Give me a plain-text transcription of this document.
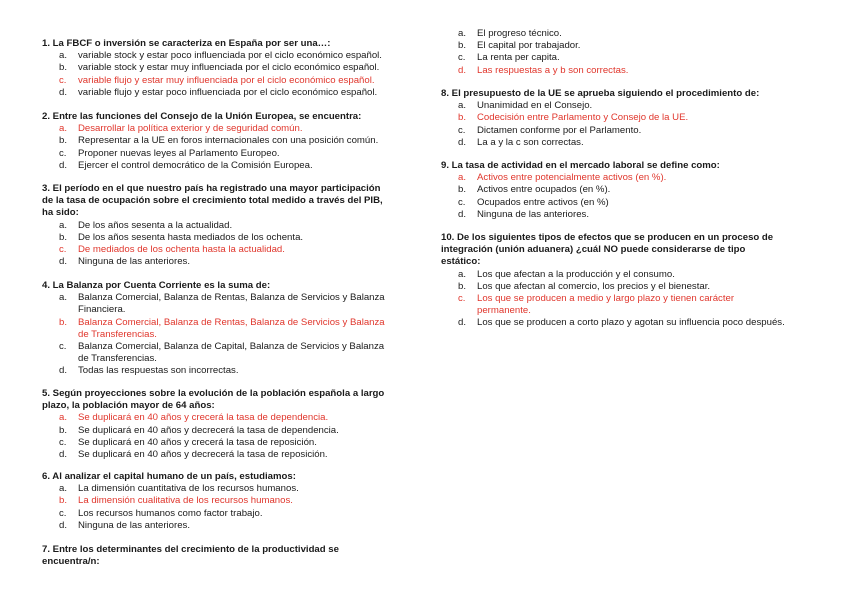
1. La FBCF o inversión se caracteriza en España por ser una…:

a. variable stock y estar poco influenciada por el ciclo económico español.
b. variable stock y estar muy influenciada por el ciclo económico español.
c. variable flujo y estar muy influenciada por el ciclo económico español.
d. variable flujo y estar poco influenciada por el ciclo económico español.

2. Entre las funciones del Consejo de la Unión Europea, se encuentra:

a. Desarrollar la política exterior y de seguridad común.
b. Representar a la UE en foros internacionales con una posición común.
c. Proponer nuevas leyes al Parlamento Europeo.
d. Ejercer el control democrático de la Comisión Europea.

3. El período en el que nuestro país ha registrado una mayor participación
de la tasa de ocupación sobre el crecimiento total medido a través del PIB,
ha sido:

a. De los años sesenta a la actualidad.
b. De los años sesenta hasta mediados de los ochenta.
c. De mediados de los ochenta hasta la actualidad.
d. Ninguna de las anteriores.

4. La Balanza por Cuenta Corriente es la suma de:

a. Balanza Comercial, Balanza de Rentas, Balanza de Servicios y Balanza
Financiera.
b. Balanza Comercial, Balanza de Rentas, Balanza de Servicios y Balanza
de Transferencias.
c. Balanza Comercial, Balanza de Capital, Balanza de Servicios y Balanza
de Transferencias.
d. Todas las respuestas son incorrectas.

5. Según proyecciones sobre la evolución de la población española a largo
plazo, la población mayor de 64 años:

a. Se duplicará en 40 años y crecerá la tasa de dependencia.
b. Se duplicará en 40 años y decrecerá la tasa de dependencia.
c. Se duplicará en 40 años y crecerá la tasa de reposición.
d. Se duplicará en 40 años y decrecerá la tasa de reposición.

6. Al analizar el capital humano de un país, estudiamos:

a. La dimensión cuantitativa de los recursos humanos.
b. La dimensión cualitativa de los recursos humanos.
c. Los recursos humanos como factor trabajo.
d. Ninguna de las anteriores.

7. Entre los determinantes del crecimiento de la productividad se
encuentra/n:

a. El progreso técnico.
b. El capital por trabajador.
c. La renta per capita.
d. Las respuestas a y b son correctas.

8. El presupuesto de la UE se aprueba siguiendo el procedimiento de:

a. Unanimidad en el Consejo.
b. Codecisión entre Parlamento y Consejo de la UE.
c. Dictamen conforme por el Parlamento.
d. La a y la c son correctas.

9. La tasa de actividad en el mercado laboral se define como:

a. Activos entre potencialmente activos (en %).
b. Activos entre ocupados (en %).
c. Ocupados entre activos (en %)
d. Ninguna de las anteriores.

10. De los siguientes tipos de efectos que se producen en un proceso de
integración (unión aduanera) ¿cuál NO puede considerarse de tipo
estático:

a. Los que afectan a la producción y el consumo.
b. Los que afectan al comercio, los precios y el bienestar.
c. Los que se producen a medio y largo plazo y tienen carácter
permanente.
d. Los que se producen a corto plazo y agotan su influencia poco después.
